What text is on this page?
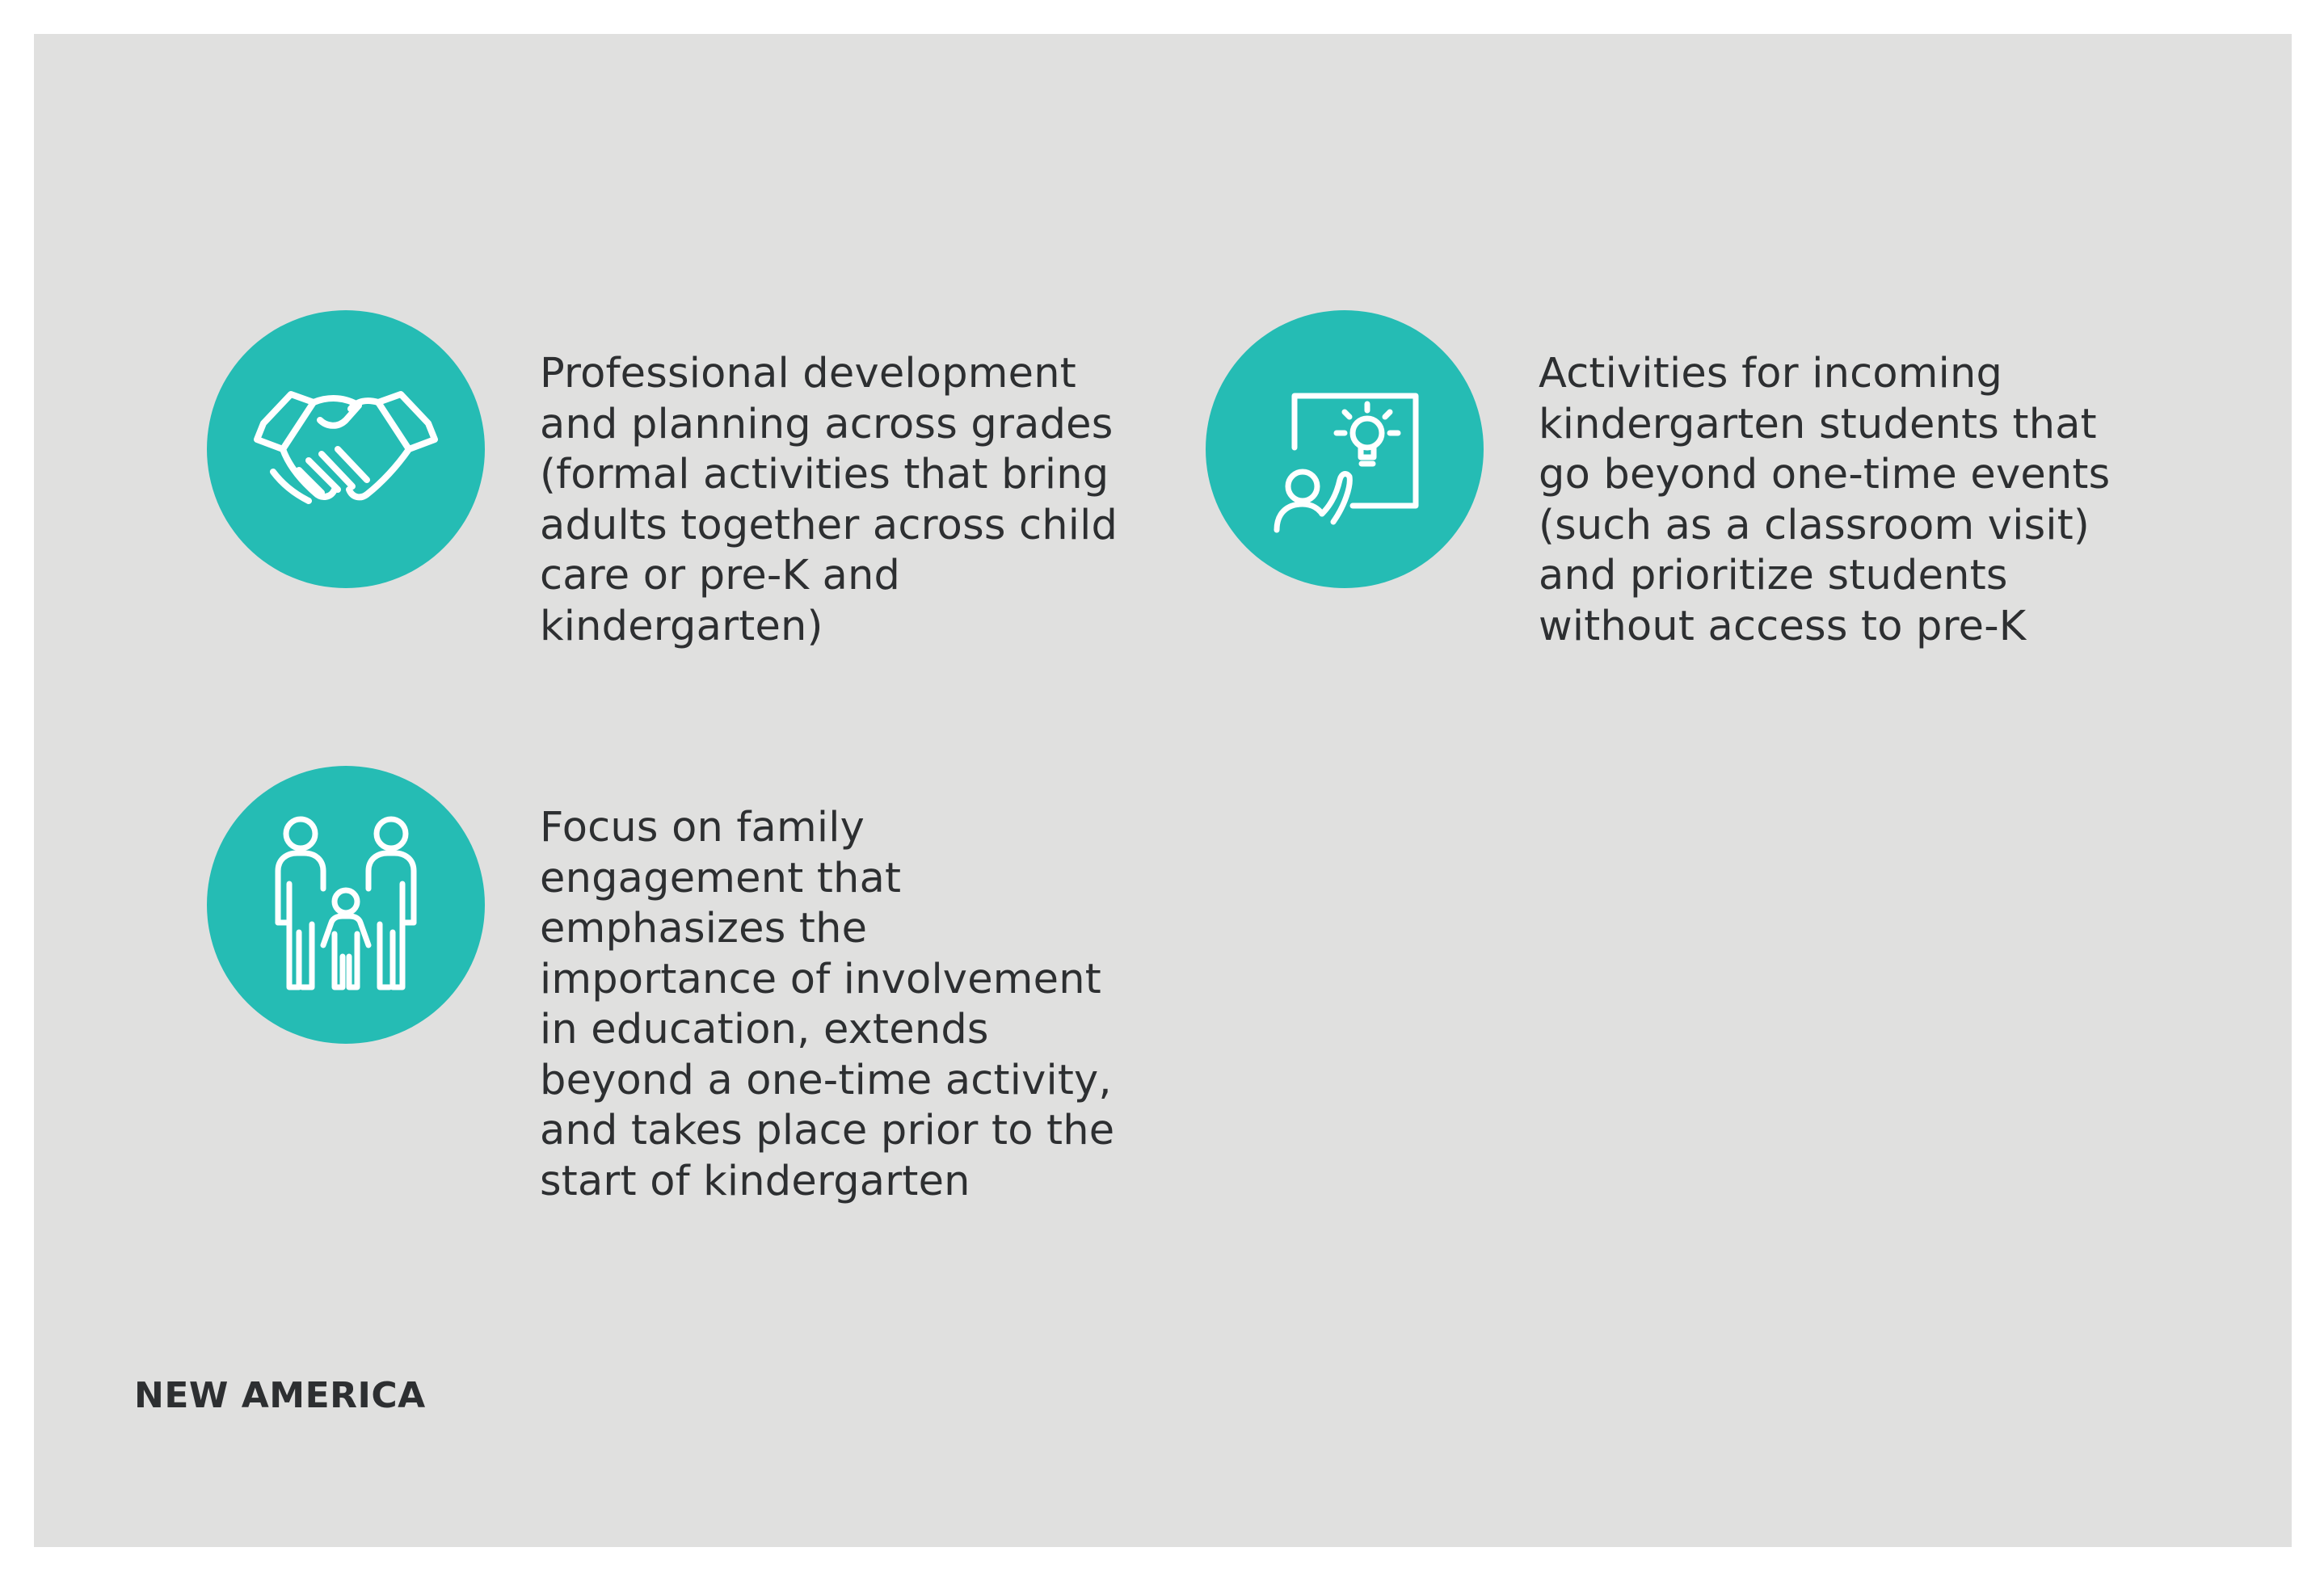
Professional development
and planning across grades
(formal activities that bring
adults together across child
care or pre-K and
kindergarten)

Activities for incoming
kindergarten students that
go beyond one-time events
(such as a classroom visit)
and prioritize students
without access to pre-K

Focus on family
engagement that
emphasizes the
importance of involvement
in education, extends
beyond a one-time activity,
and takes place prior to the
start of kindergarten

NEW AMERICA
